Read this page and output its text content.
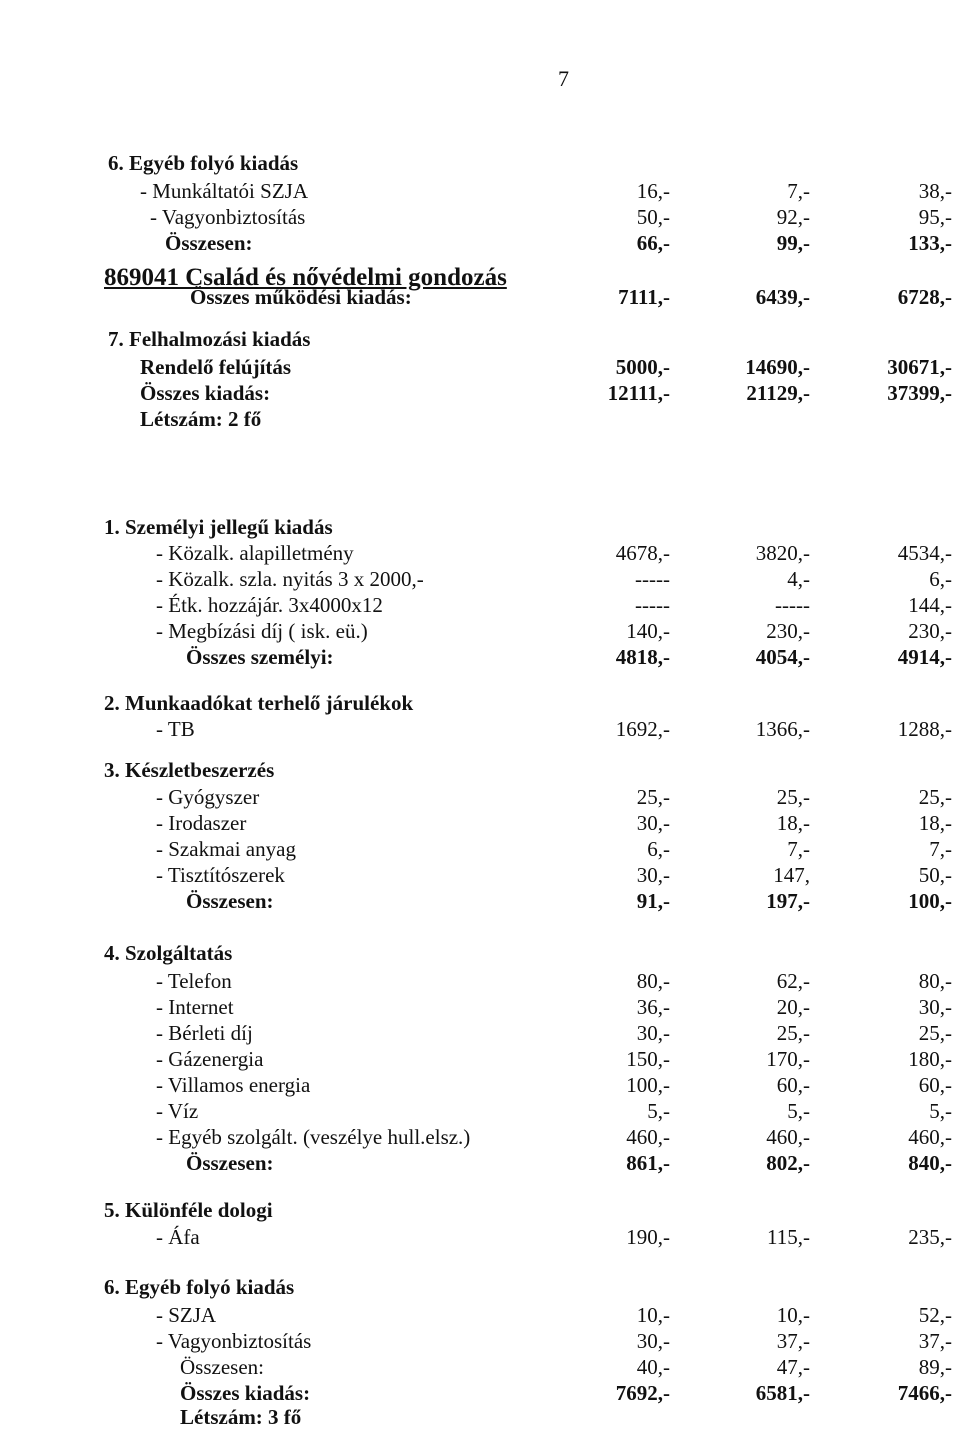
7
6. Egyéb folyó kiadás
- Munkáltatói SZJA	16,-	7,-	38,-
- Vagyonbiztosítás	50,-	92,-	95,-
Összesen:	66,-	99,-	133,-
Összes működési kiadás:	7111,-	6439,-	6728,-
7. Felhalmozási kiadás
Rendelő felújítás	5000,-	14690,-	30671,-
Összes kiadás:	12111,-	21129,-	37399,-
Létszám: 2 fő
869041 Család és nővédelmi gondozás
1. Személyi jellegű kiadás
- Közalk. alapilletmény	4678,-	3820,-	4534,-
- Közalk. szla. nyitás 3 x 2000,-	-----	4,-	6,-
- Étk. hozzájár. 3x4000x12	-----	-----	144,-
- Megbízási díj ( isk. eü.)	140,-	230,-	230,-
Összes személyi:	4818,-	4054,-	4914,-
2. Munkaadókat terhelő járulékok
- TB	1692,-	1366,-	1288,-
3. Készletbeszerzés
- Gyógyszer	25,-	25,-	25,-
- Irodaszer	30,-	18,-	18,-
- Szakmai anyag	6,-	7,-	7,-
- Tisztítószerek	30,-	147,	50,-
Összesen:	91,-	197,-	100,-
4. Szolgáltatás
- Telefon	80,-	62,-	80,-
- Internet	36,-	20,-	30,-
- Bérleti díj	30,-	25,-	25,-
- Gázenergia	150,-	170,-	180,-
- Villamos energia	100,-	60,-	60,-
- Víz	5,-	5,-	5,-
- Egyéb szolgált. (veszélye hull.elsz.)	460,-	460,-	460,-
Összesen:	861,-	802,-	840,-
5. Különféle dologi
- Áfa	190,-	115,-	235,-
6. Egyéb folyó kiadás
- SZJA	10,-	10,-	52,-
- Vagyonbiztosítás	30,-	37,-	37,-
Összesen:	40,-	47,-	89,-
Összes kiadás:	7692,-	6581,-	7466,-
Létszám: 3 fő
